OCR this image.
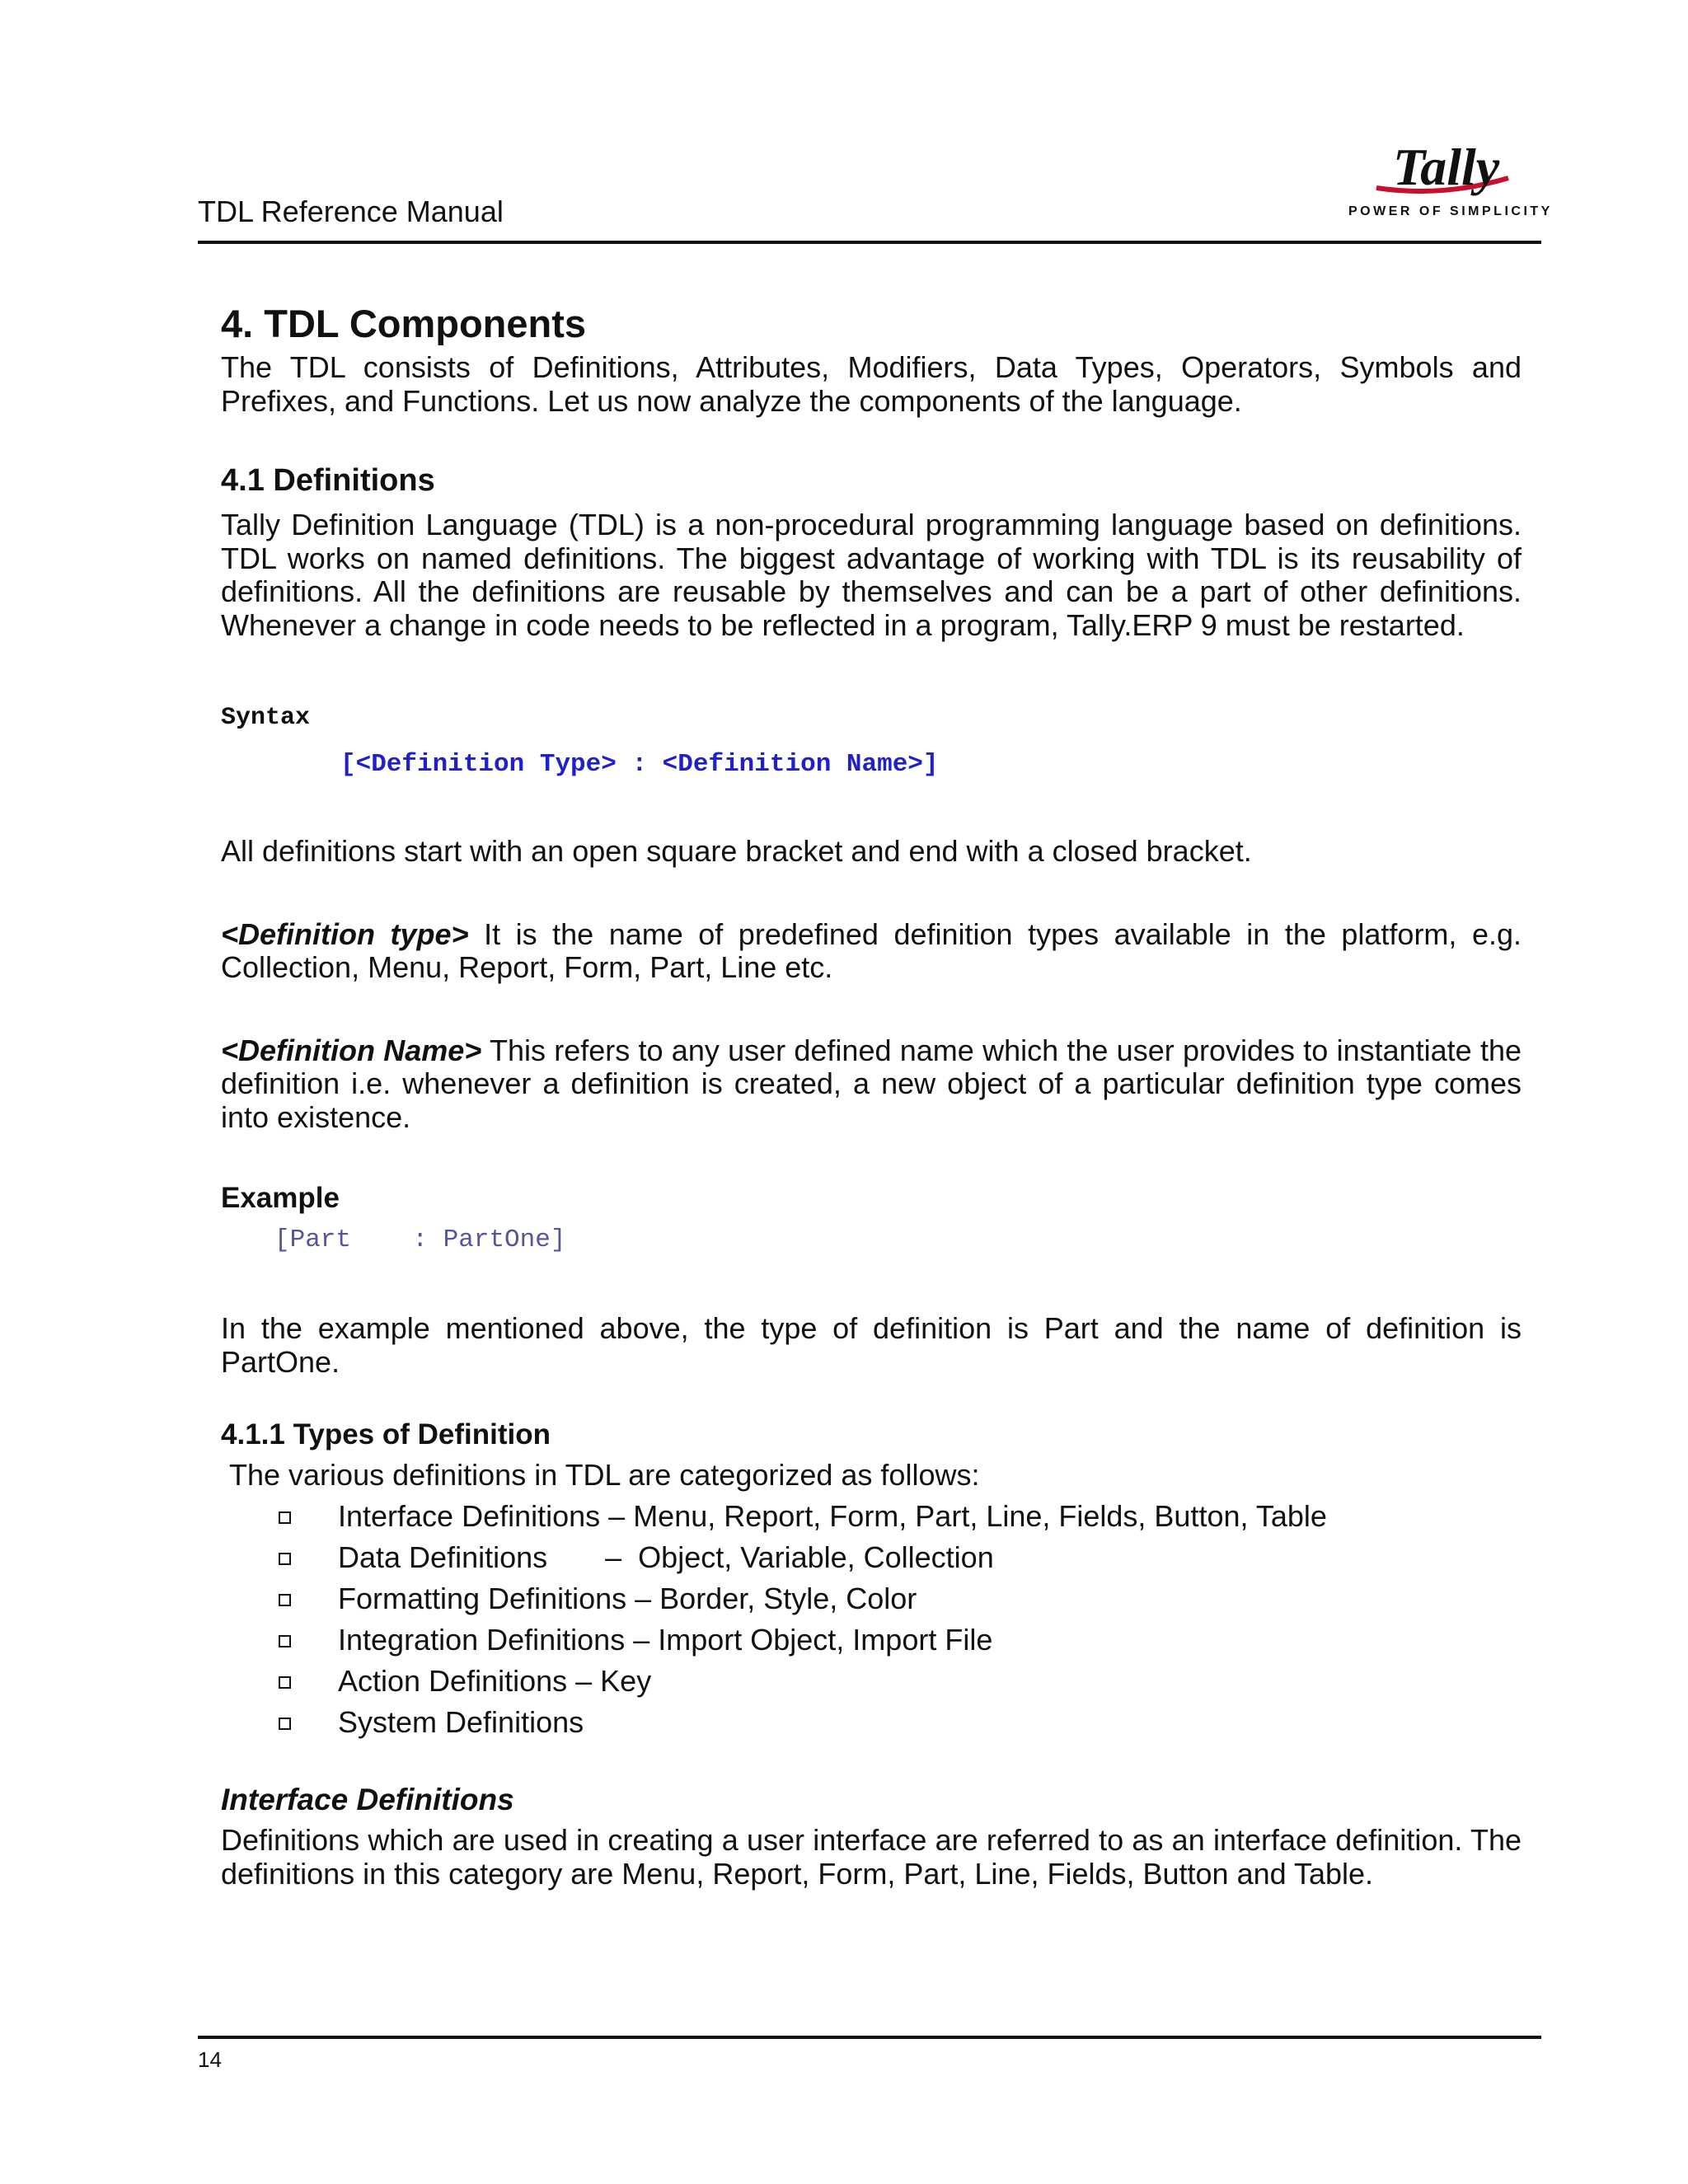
TDL Reference Manual
Tally
POWER OF SIMPLICITY
4. TDL Components

The TDL consists of Definitions, Attributes, Modifiers, Data Types, Operators, Symbols and Prefixes, and Functions. Let us now analyze the components of the language.

4.1 Definitions

Tally Definition Language (TDL) is a non-procedural programming language based on definitions. TDL works on named definitions. The biggest advantage of working with TDL is its reusability of definitions. All the definitions are reusable by themselves and can be a part of other definitions. Whenever a change in code needs to be reflected in a program, Tally.ERP 9 must be restarted.

Syntax
[<Definition Type> : <Definition Name>]

All definitions start with an open square bracket and end with a closed bracket.

<Definition type> It is the name of predefined definition types available in the platform, e.g. Collection, Menu, Report, Form, Part, Line etc.

<Definition Name> This refers to any user defined name which the user provides to instantiate the definition i.e. whenever a definition is created, a new object of a particular definition type comes into existence.

Example
[Part    : PartOne]

In the example mentioned above, the type of definition is Part and the name of definition is PartOne.

4.1.1 Types of Definition
The various definitions in TDL are categorized as follows:
Interface Definitions – Menu, Report, Form, Part, Line, Fields, Button, Table
Data Definitions       –  Object, Variable, Collection
Formatting Definitions – Border, Style, Color
Integration Definitions – Import Object, Import File
Action Definitions – Key
System Definitions
Interface Definitions

Definitions which are used in creating a user interface are referred to as an interface definition. The definitions in this category are Menu, Report, Form, Part, Line, Fields, Button and Table.

14
